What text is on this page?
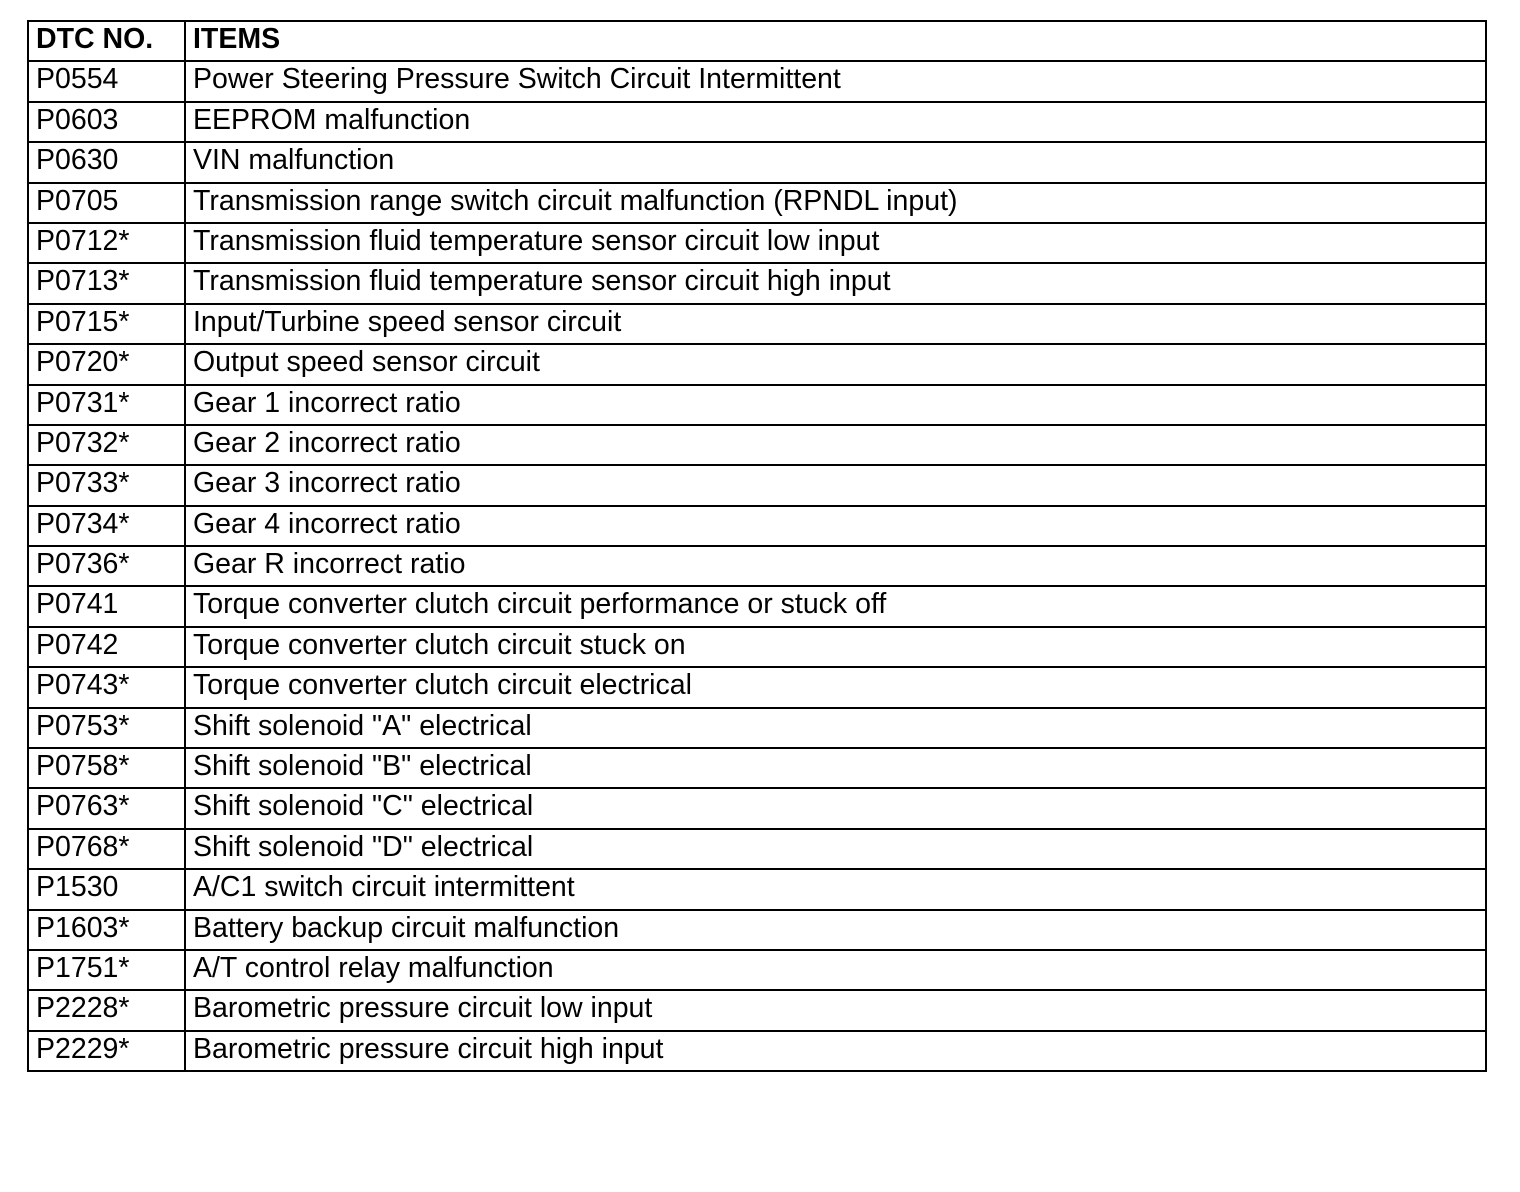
DTC NO.	ITEMS
P0554	Power Steering Pressure Switch Circuit Intermittent
P0603	EEPROM malfunction
P0630	VIN malfunction
P0705	Transmission range switch circuit malfunction (RPNDL input)
P0712*	Transmission fluid temperature sensor circuit low input
P0713*	Transmission fluid temperature sensor circuit high input
P0715*	Input/Turbine speed sensor circuit
P0720*	Output speed sensor circuit
P0731*	Gear 1 incorrect ratio
P0732*	Gear 2 incorrect ratio
P0733*	Gear 3 incorrect ratio
P0734*	Gear 4 incorrect ratio
P0736*	Gear R incorrect ratio
P0741	Torque converter clutch circuit performance or stuck off
P0742	Torque converter clutch circuit stuck on
P0743*	Torque converter clutch circuit electrical
P0753*	Shift solenoid "A" electrical
P0758*	Shift solenoid "B" electrical
P0763*	Shift solenoid "C" electrical
P0768*	Shift solenoid "D" electrical
P1530	A/C1 switch circuit intermittent
P1603*	Battery backup circuit malfunction
P1751*	A/T control relay malfunction
P2228*	Barometric pressure circuit low input
P2229*	Barometric pressure circuit high input
